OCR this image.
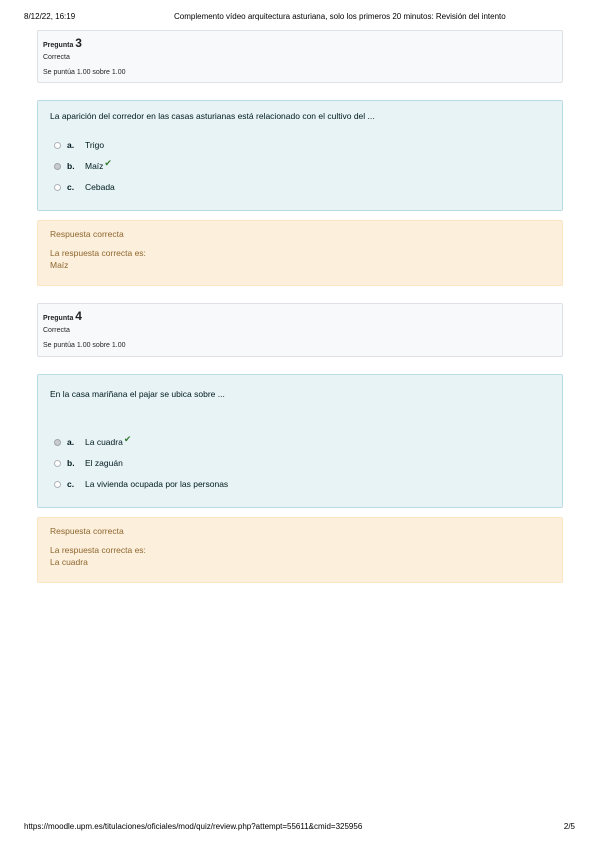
8/12/22, 16:19	Complemento vídeo arquitectura asturiana, solo los primeros 20 minutos: Revisión del intento
Pregunta 3
Correcta
Se puntúa 1.00 sobre 1.00
La aparición del corredor en las casas asturianas está relacionado con el cultivo del ...
a.	Trigo
b.	Maíz ✔
c.	Cebada
Respuesta correcta
La respuesta correcta es:
Maíz
Pregunta 4
Correcta
Se puntúa 1.00 sobre 1.00
En la casa mariñana el pajar se ubica sobre ...
a.	La cuadra ✔
b.	El zaguán
c.	La vivienda ocupada por las personas
Respuesta correcta
La respuesta correcta es:
La cuadra
https://moodle.upm.es/titulaciones/oficiales/mod/quiz/review.php?attempt=55611&cmid=325956	2/5
